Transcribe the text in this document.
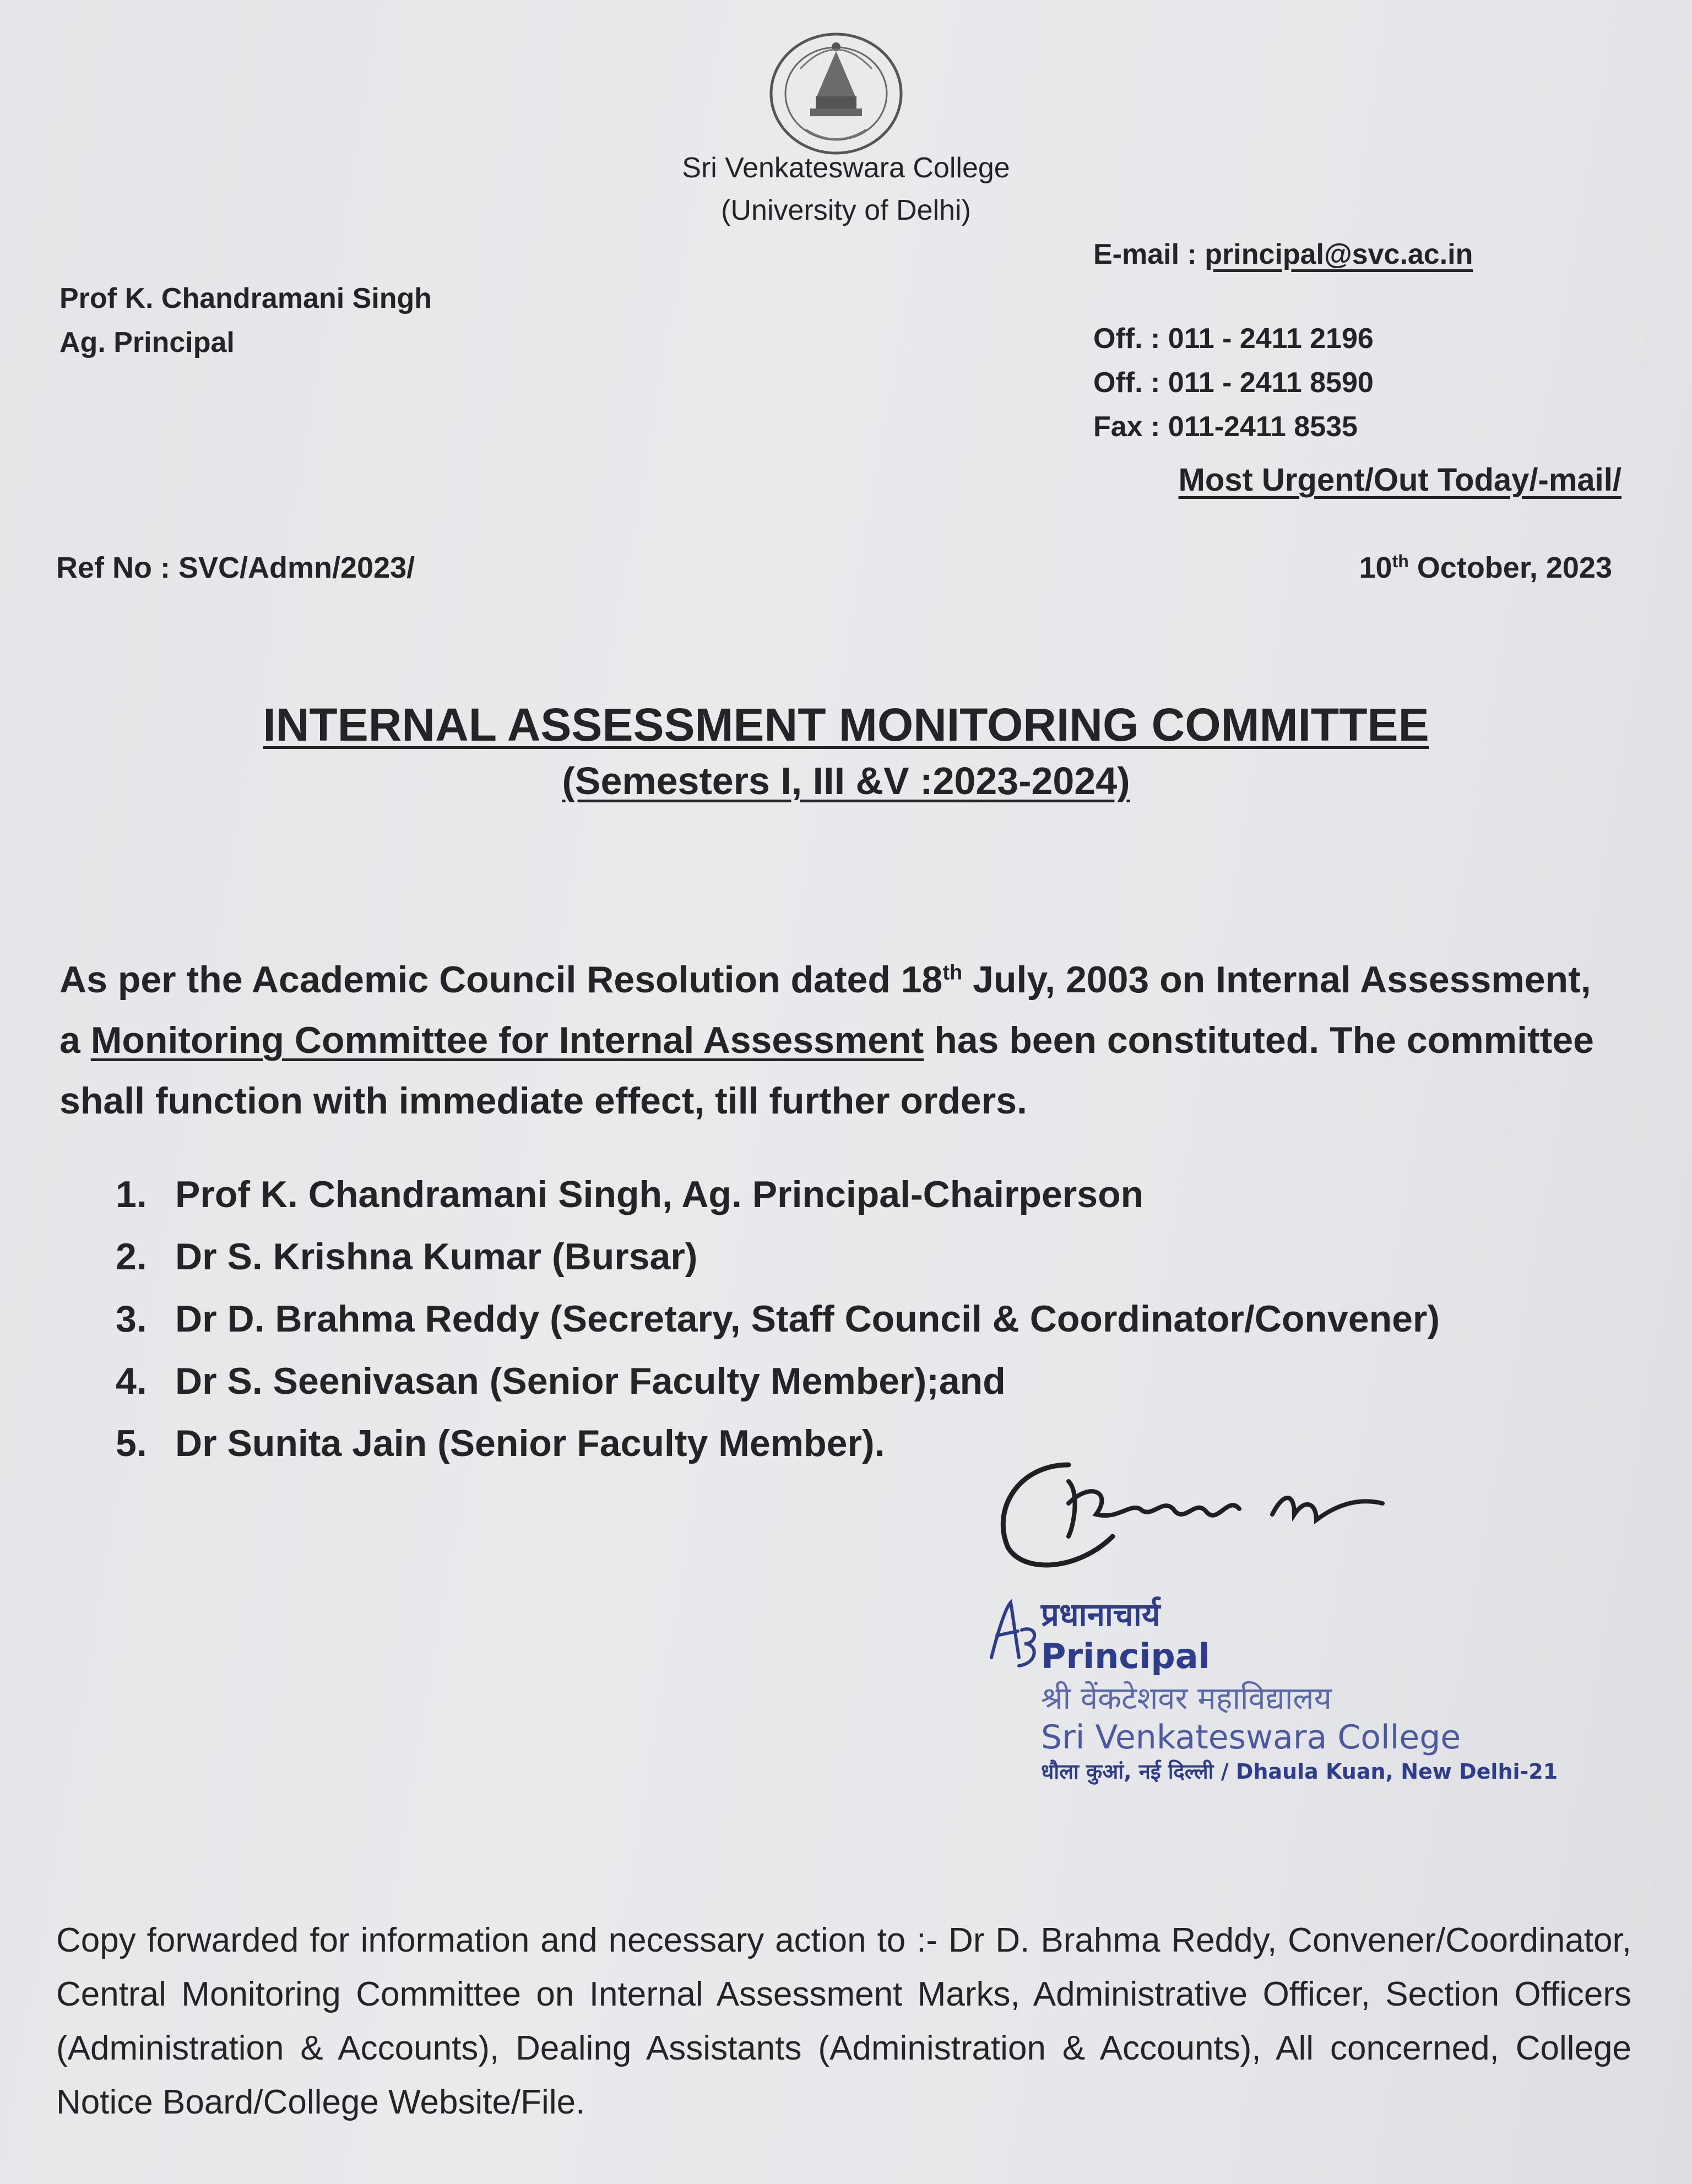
Sri Venkateswara College
(University of Delhi)
Prof K. Chandramani Singh
Ag. Principal
E-mail : principal@svc.ac.in
Off. : 011 - 2411 2196
Off. : 011 - 2411 8590
Fax : 011-2411 8535
Most Urgent/Out Today/-mail/
Ref No : SVC/Admn/2023/	10th October, 2023
INTERNAL ASSESSMENT MONITORING COMMITTEE
(Semesters I, III &V :2023-2024)
As per the Academic Council Resolution dated 18th July, 2003 on Internal Assessment,
a Monitoring Committee for Internal Assessment has been constituted. The committee
shall function with immediate effect, till further orders.
1. Prof K. Chandramani Singh, Ag. Principal-Chairperson
2. Dr S. Krishna Kumar (Bursar)
3. Dr D. Brahma Reddy (Secretary, Staff Council & Coordinator/Convener)
4. Dr S. Seenivasan (Senior Faculty Member);and
5. Dr Sunita Jain (Senior Faculty Member).
प्रधानाचार्य
Principal
श्री वेंकटेशवर महाविद्यालय
Sri Venkateswara College
धौला कुआं, नई दिल्ली / Dhaula Kuan, New Delhi-21
Copy forwarded for information and necessary action to :- Dr D. Brahma Reddy, Convener/Coordinator, Central Monitoring Committee on Internal Assessment Marks, Administrative Officer, Section Officers (Administration & Accounts), Dealing Assistants (Administration & Accounts), All concerned, College Notice Board/College Website/File.
